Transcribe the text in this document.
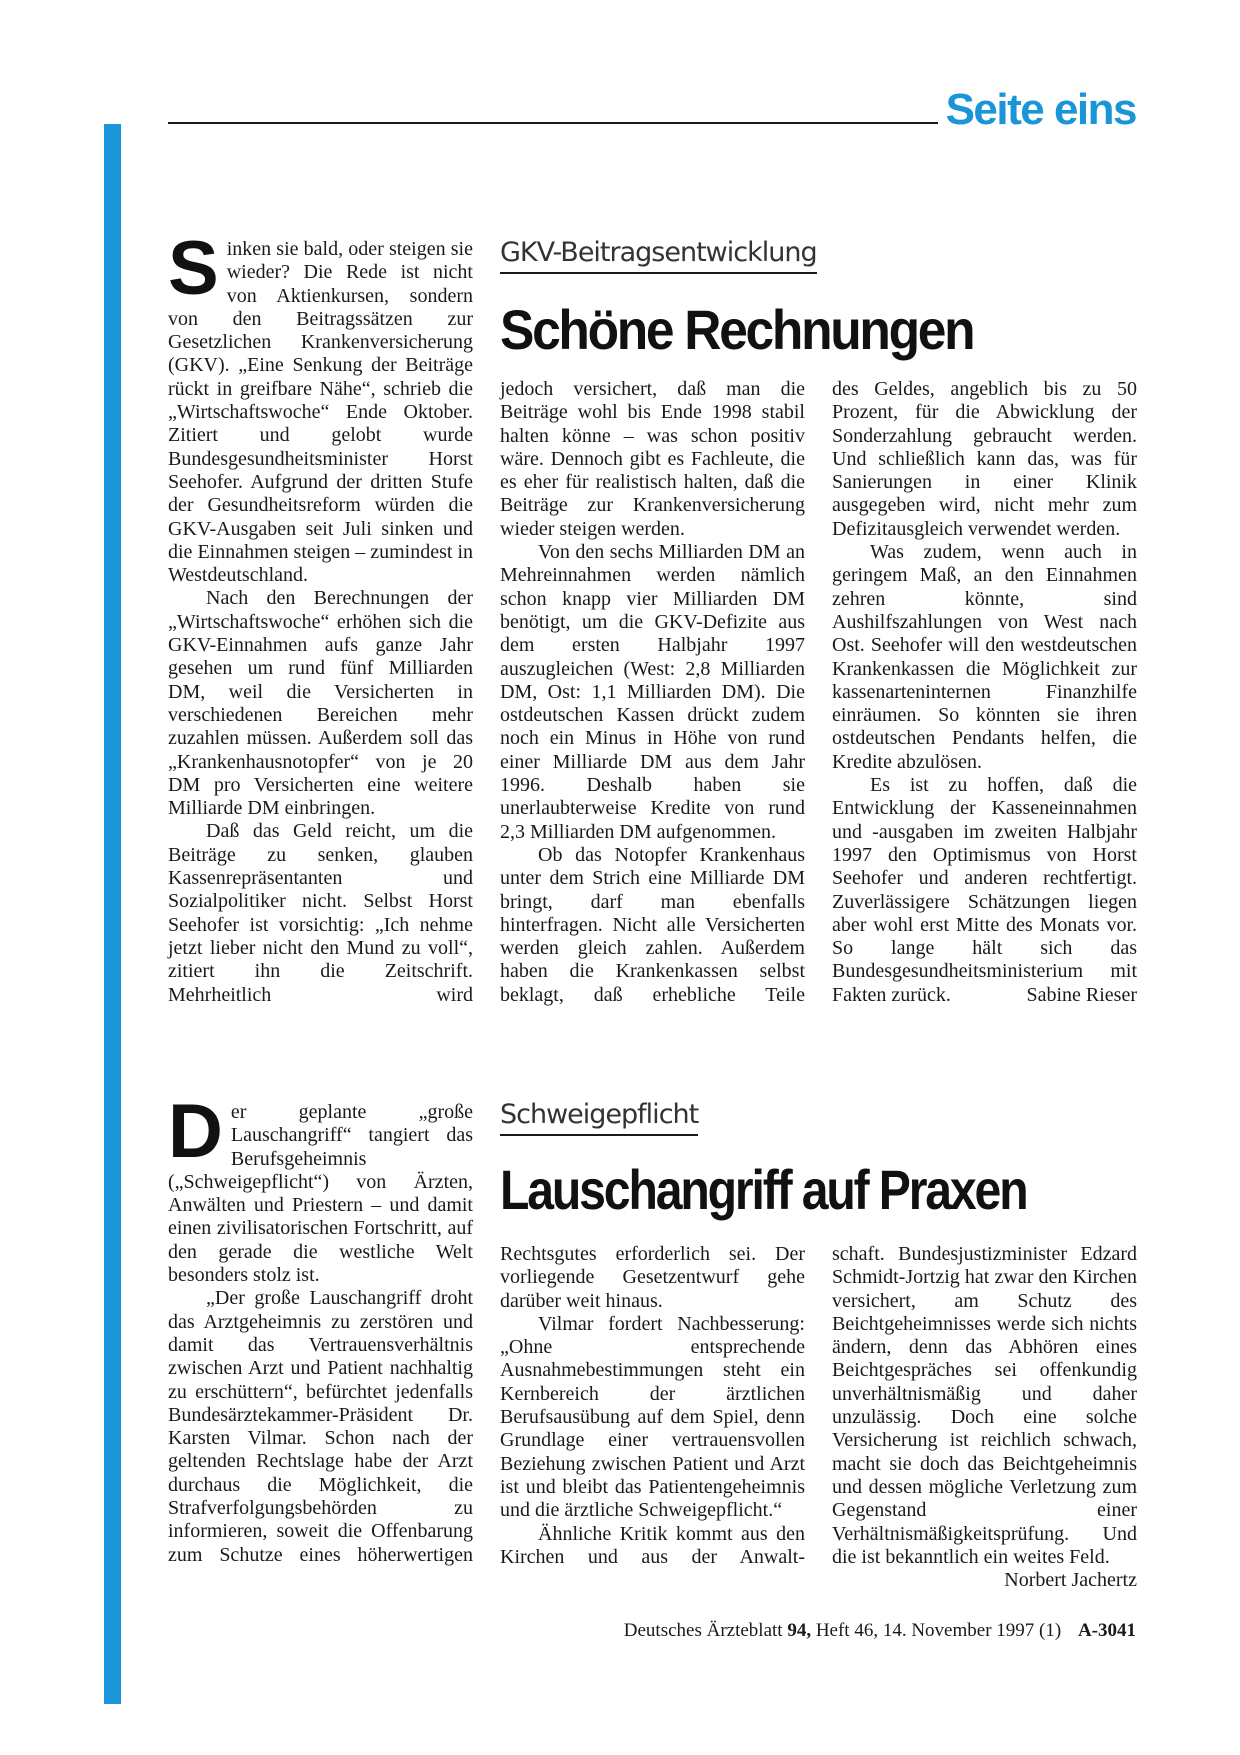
Seite eins
GKV-Beitragsentwicklung
Schöne Rechnungen

Sinken sie bald, oder steigen sie wieder? Die Rede ist nicht von Aktienkursen, sondern von den Beitragssätzen zur Gesetzlichen Krankenversicherung (GKV). „Eine Senkung der Beiträge rückt in greifbare Nähe“, schrieb die „Wirtschaftswoche“ Ende Oktober. Zitiert und gelobt wurde Bundesgesundheitsminister Horst Seehofer. Aufgrund der dritten Stufe der Gesundheitsreform würden die GKV-Ausgaben seit Juli sinken und die Einnahmen steigen – zumindest in Westdeutschland.

Nach den Berechnungen der „Wirtschaftswoche“ erhöhen sich die GKV-Einnahmen aufs ganze Jahr gesehen um rund fünf Milliarden DM, weil die Versicherten in verschiedenen Bereichen mehr zuzahlen müssen. Außerdem soll das „Krankenhausnotopfer“ von je 20 DM pro Versicherten eine weitere Milliarde DM einbringen.

Daß das Geld reicht, um die Beiträge zu senken, glauben Kassenrepräsentanten und Sozialpolitiker nicht. Selbst Horst Seehofer ist vorsichtig: „Ich nehme jetzt lieber nicht den Mund zu voll“, zitiert ihn die Zeitschrift. Mehrheitlich wird

jedoch versichert, daß man die Beiträge wohl bis Ende 1998 stabil halten könne – was schon positiv wäre. Dennoch gibt es Fachleute, die es eher für realistisch halten, daß die Beiträge zur Krankenversicherung wieder steigen werden.

Von den sechs Milliarden DM an Mehreinnahmen werden nämlich schon knapp vier Milliarden DM benötigt, um die GKV-Defizite aus dem ersten Halbjahr 1997 auszugleichen (West: 2,8 Milliarden DM, Ost: 1,1 Milliarden DM). Die ostdeutschen Kassen drückt zudem noch ein Minus in Höhe von rund einer Milliarde DM aus dem Jahr 1996. Deshalb haben sie unerlaubterweise Kredite von rund 2,3 Milliarden DM aufgenommen.

Ob das Notopfer Krankenhaus unter dem Strich eine Milliarde DM bringt, darf man ebenfalls hinterfragen. Nicht alle Versicherten werden gleich zahlen. Außerdem haben die Krankenkassen selbst beklagt, daß erhebliche Teile

des Geldes, angeblich bis zu 50 Prozent, für die Abwicklung der Sonderzahlung gebraucht werden. Und schließlich kann das, was für Sanierungen in einer Klinik ausgegeben wird, nicht mehr zum Defizitausgleich verwendet werden.

Was zudem, wenn auch in geringem Maß, an den Einnahmen zehren könnte, sind Aushilfszahlungen von West nach Ost. Seehofer will den westdeutschen Krankenkassen die Möglichkeit zur kassenarteninternen Finanzhilfe einräumen. So könnten sie ihren ostdeutschen Pendants helfen, die Kredite abzulösen.

Es ist zu hoffen, daß die Entwicklung der Kasseneinnahmen und -ausgaben im zweiten Halbjahr 1997 den Optimismus von Horst Seehofer und anderen rechtfertigt. Zuverlässigere Schätzungen liegen aber wohl erst Mitte des Monats vor. So lange hält sich das Bundesgesundheitsministerium mit Fakten zurück.	Sabine Rieser

Schweigepflicht
Lauschangriff auf Praxen

Der geplante „große Lauschangriff“ tangiert das Berufsgeheimnis („Schweigepflicht“) von Ärzten, Anwälten und Priestern – und damit einen zivilisatorischen Fortschritt, auf den gerade die westliche Welt besonders stolz ist.

„Der große Lauschangriff droht das Arztgeheimnis zu zerstören und damit das Vertrauensverhältnis zwischen Arzt und Patient nachhaltig zu erschüttern“, befürchtet jedenfalls Bundesärztekammer-Präsident Dr. Karsten Vilmar. Schon nach der geltenden Rechtslage habe der Arzt durchaus die Möglichkeit, die Strafverfolgungsbehörden zu informieren, soweit die Offenbarung zum Schutze eines höherwertigen

Rechtsgutes erforderlich sei. Der vorliegende Gesetzentwurf gehe darüber weit hinaus.

Vilmar fordert Nachbesserung: „Ohne entsprechende Ausnahmebestimmungen steht ein Kernbereich der ärztlichen Berufsausübung auf dem Spiel, denn Grundlage einer vertrauensvollen Beziehung zwischen Patient und Arzt ist und bleibt das Patientengeheimnis und die ärztliche Schweigepflicht.“

Ähnliche Kritik kommt aus den Kirchen und aus der Anwalt-

schaft. Bundesjustizminister Edzard Schmidt-Jortzig hat zwar den Kirchen versichert, am Schutz des Beichtgeheimnisses werde sich nichts ändern, denn das Abhören eines Beichtgespräches sei offenkundig unverhältnismäßig und daher unzulässig. Doch eine solche Versicherung ist reichlich schwach, macht sie doch das Beichtgeheimnis und dessen mögliche Verletzung zum Gegenstand einer Verhältnismäßigkeitsprüfung. Und die ist bekanntlich ein weites Feld.
Norbert Jachertz

Deutsches Ärzteblatt 94, Heft 46, 14. November 1997 (1) A-3041
